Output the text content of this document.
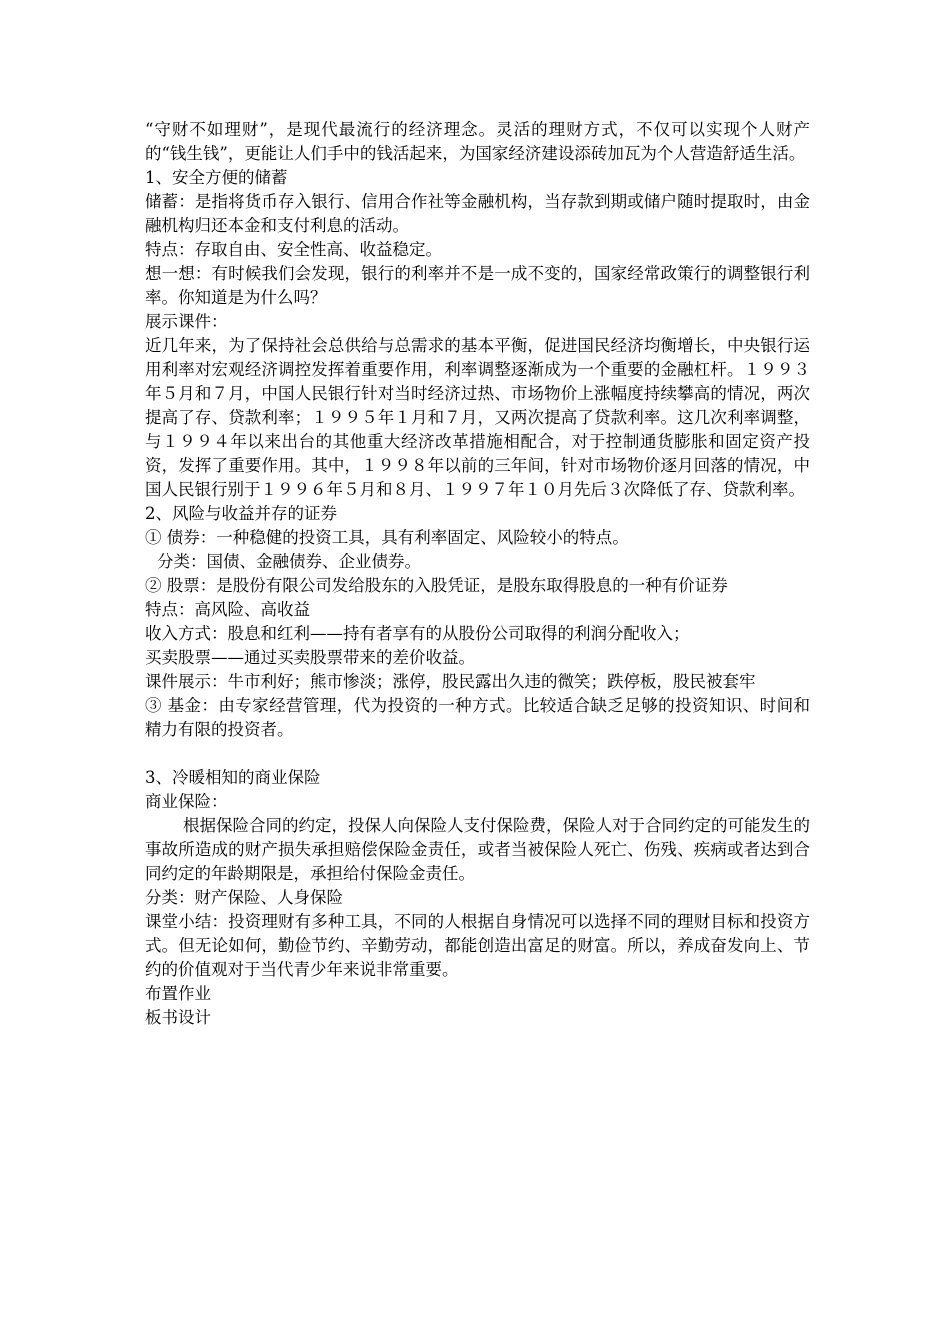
“守财不如理财”，是现代最流行的经济理念。灵活的理财方式，不仅可以实现个人财产的“钱生钱”，更能让人们手中的钱活起来，为国家经济建设添砖加瓦为个人营造舒适生活。

1、安全方便的储蓄

储蓄：是指将货币存入银行、信用合作社等金融机构，当存款到期或储户随时提取时，由金融机构归还本金和支付利息的活动。

特点：存取自由、安全性高、收益稳定。

想一想：有时候我们会发现，银行的利率并不是一成不变的，国家经常政策行的调整银行利率。你知道是为什么吗？

展示课件：

近几年来，为了保持社会总供给与总需求的基本平衡，促进国民经济均衡增长，中央银行运用利率对宏观经济调控发挥着重要作用，利率调整逐渐成为一个重要的金融杠杆。１９９３年５月和７月，中国人民银行针对当时经济过热、市场物价上涨幅度持续攀高的情况，两次提高了存、贷款利率；１９９５年１月和７月，又两次提高了贷款利率。这几次利率调整，与１９９４年以来出台的其他重大经济改革措施相配合，对于控制通货膨胀和固定资产投资，发挥了重要作用。其中，１９９８年以前的三年间，针对市场物价逐月回落的情况，中国人民银行别于１９９６年５月和８月、１９９７年１０月先后３次降低了存、贷款利率。

2、风险与收益并存的证券

① 债券：一种稳健的投资工具，具有利率固定、风险较小的特点。

分类：国债、金融债券、企业债券。

② 股票：是股份有限公司发给股东的入股凭证，是股东取得股息的一种有价证券

特点：高风险、高收益

收入方式：股息和红利——持有者享有的从股份公司取得的利润分配收入；

买卖股票——通过买卖股票带来的差价收益。

课件展示：牛市利好；熊市惨淡；涨停，股民露出久违的微笑；跌停板，股民被套牢

③ 基金：由专家经营管理，代为投资的一种方式。比较适合缺乏足够的投资知识、时间和精力有限的投资者。

3、冷暖相知的商业保险

商业保险：

根据保险合同的约定，投保人向保险人支付保险费，保险人对于合同约定的可能发生的事故所造成的财产损失承担赔偿保险金责任，或者当被保险人死亡、伤残、疾病或者达到合同约定的年龄期限是，承担给付保险金责任。

分类：财产保险、人身保险

课堂小结：投资理财有多种工具，不同的人根据自身情况可以选择不同的理财目标和投资方式。但无论如何，勤俭节约、辛勤劳动，都能创造出富足的财富。所以，养成奋发向上、节约的价值观对于当代青少年来说非常重要。

布置作业

板书设计
